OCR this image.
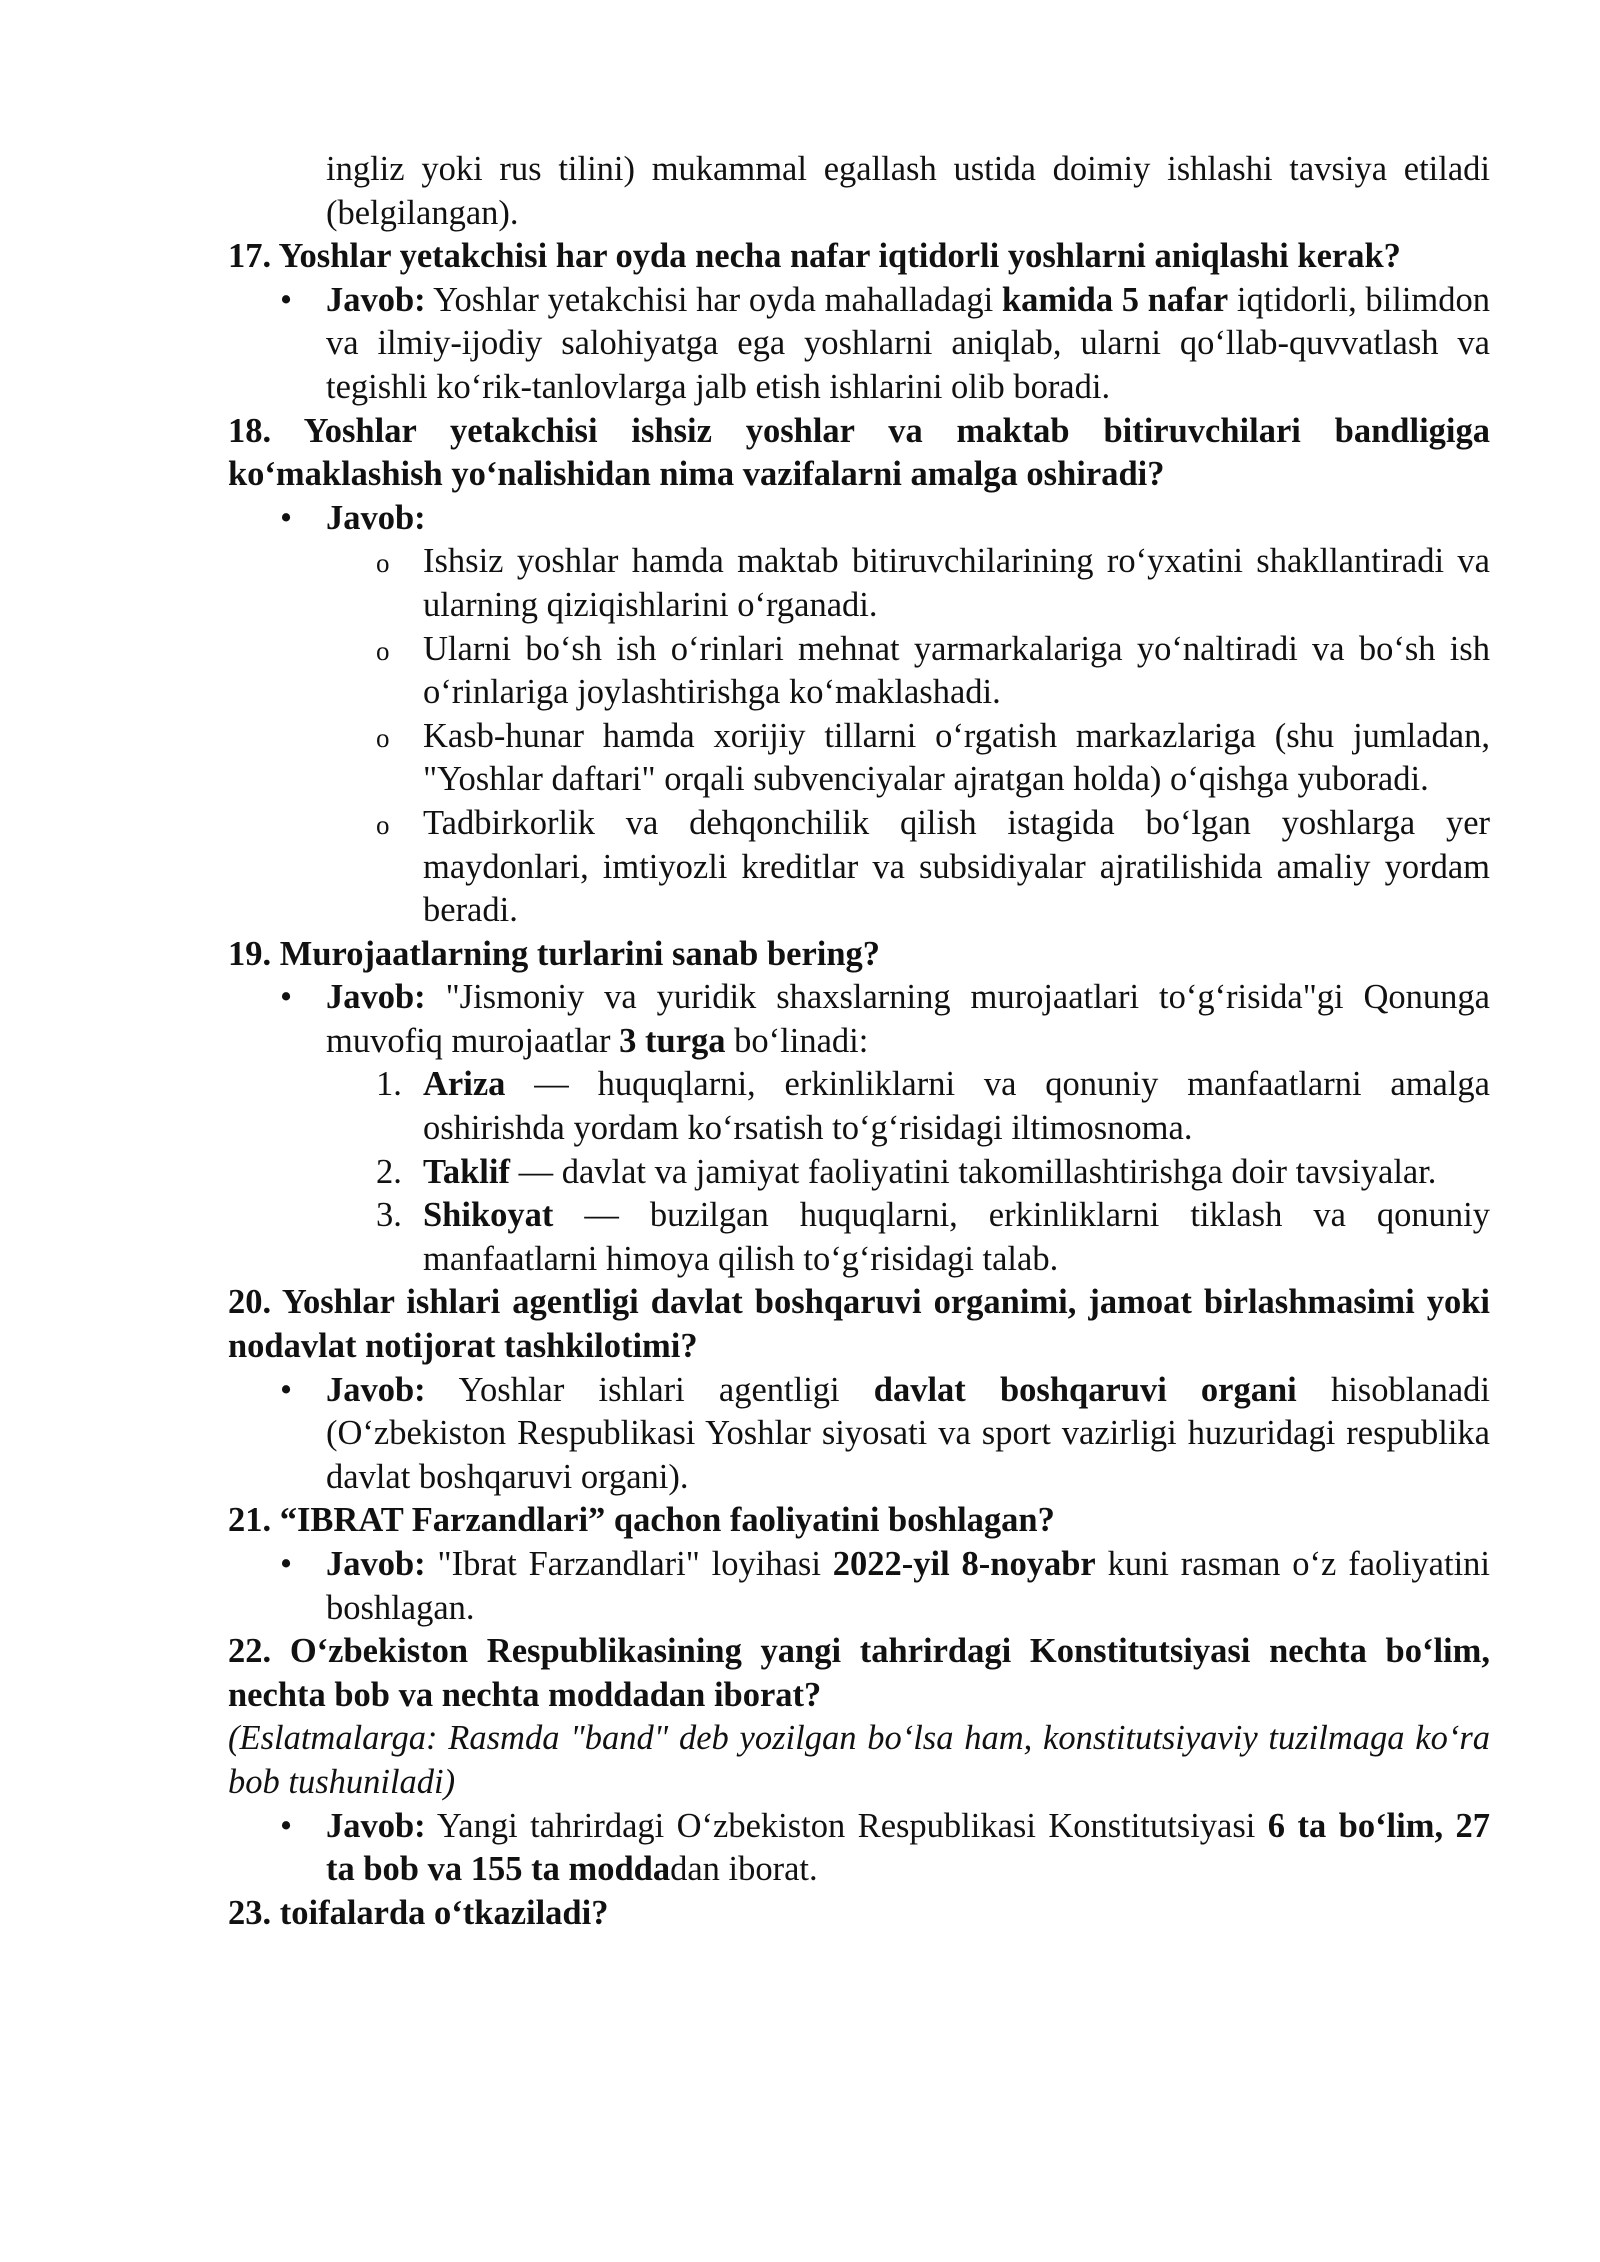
ingliz yoki rus tilini) mukammal egallash ustida doimiy ishlashi tavsiya etiladi (belgilangan).

17. Yoshlar yetakchisi har oyda necha nafar iqtidorli yoshlarni aniqlashi kerak?

• Javob: Yoshlar yetakchisi har oyda mahalladagi kamida 5 nafar iqtidorli, bilimdon va ilmiy-ijodiy salohiyatga ega yoshlarni aniqlab, ularni qo‘llab-quvvatlash va tegishli ko‘rik-tanlovlarga jalb etish ishlarini olib boradi.

18. Yoshlar yetakchisi ishsiz yoshlar va maktab bitiruvchilari bandligiga ko‘maklashish yo‘nalishidan nima vazifalarni amalga oshiradi?

• Javob:

o Ishsiz yoshlar hamda maktab bitiruvchilarining ro‘yxatini shakllantiradi va ularning qiziqishlarini o‘rganadi.

o Ularni bo‘sh ish o‘rinlari mehnat yarmarkalariga yo‘naltiradi va bo‘sh ish o‘rinlariga joylashtirishga ko‘maklashadi.

o Kasb-hunar hamda xorijiy tillarni o‘rgatish markazlariga (shu jumladan, "Yoshlar daftari" orqali subvenciyalar ajratgan holda) o‘qishga yuboradi.

o Tadbirkorlik va dehqonchilik qilish istagida bo‘lgan yoshlarga yer maydonlari, imtiyozli kreditlar va subsidiyalar ajratilishida amaliy yordam beradi.

19. Murojaatlarning turlarini sanab bering?

• Javob: "Jismoniy va yuridik shaxslarning murojaatlari to‘g‘risida"gi Qonunga muvofiq murojaatlar 3 turga bo‘linadi:

1. Ariza — huquqlarni, erkinliklarni va qonuniy manfaatlarni amalga oshirishda yordam ko‘rsatish to‘g‘risidagi iltimosnoma.

2. Taklif — davlat va jamiyat faoliyatini takomillashtirishga doir tavsiyalar.

3. Shikoyat — buzilgan huquqlarni, erkinliklarni tiklash va qonuniy manfaatlarni himoya qilish to‘g‘risidagi talab.

20. Yoshlar ishlari agentligi davlat boshqaruvi organimi, jamoat birlashmasimi yoki nodavlat notijorat tashkilotimi?

• Javob: Yoshlar ishlari agentligi davlat boshqaruvi organi hisoblanadi (O‘zbekiston Respublikasi Yoshlar siyosati va sport vazirligi huzuridagi respublika davlat boshqaruvi organi).

21. “IBRAT Farzandlari” qachon faoliyatini boshlagan?

• Javob: "Ibrat Farzandlari" loyihasi 2022-yil 8-noyabr kuni rasman o‘z faoliyatini boshlagan.

22. O‘zbekiston Respublikasining yangi tahrirdagi Konstitutsiyasi nechta bo‘lim, nechta bob va nechta moddadan iborat?

(Eslatmalarga: Rasmda "band" deb yozilgan bo‘lsa ham, konstitutsiyaviy tuzilmaga ko‘ra bob tushuniladi)

• Javob: Yangi tahrirdagi O‘zbekiston Respublikasi Konstitutsiyasi 6 ta bo‘lim, 27 ta bob va 155 ta moddadan iborat.

23. toifalarda o‘tkaziladi?
